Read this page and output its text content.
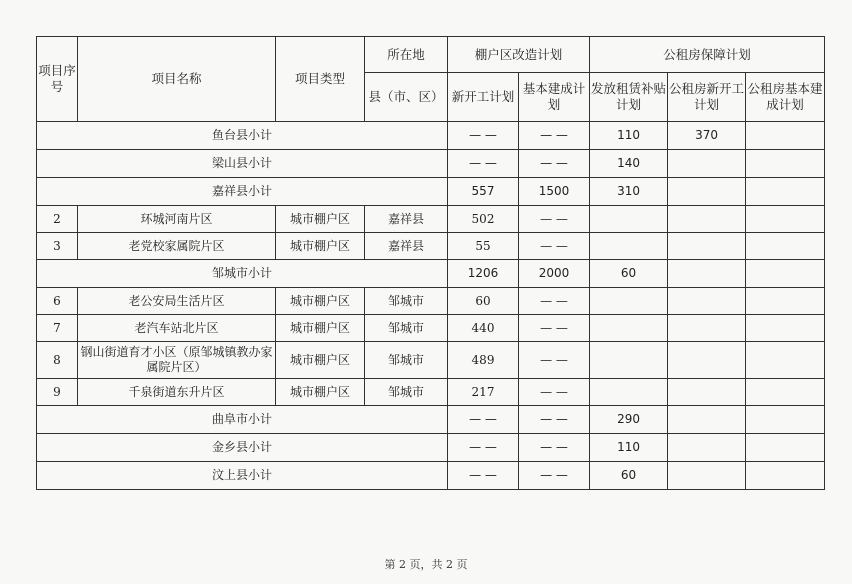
项目序号	项目名称	项目类型	所在地	棚户区改造计划		公租房保障计划		
			县（市、区）	新开工计划	基本建成计划	发放租赁补贴计划	公租房新开工计划	公租房基本建成计划
鱼台县小计				— —	— —	110	370	
梁山县小计				— —	— —	140		
嘉祥县小计				557	1500	310		
2	环城河南片区	城市棚户区	嘉祥县	502	— —			
3	老党校家属院片区	城市棚户区	嘉祥县	55	— —			
邹城市小计				1206	2000	60		
6	老公安局生活片区	城市棚户区	邹城市	60	— —			
7	老汽车站北片区	城市棚户区	邹城市	440	— —			
8	钢山街道育才小区（原邹城镇教办家属院片区）	城市棚户区	邹城市	489	— —			
9	千泉街道东升片区	城市棚户区	邹城市	217	— —			
曲阜市小计				— —	— —	290		
金乡县小计				— —	— —	110		
汶上县小计				— —	— —	60		
第 2 页，共 2 页
